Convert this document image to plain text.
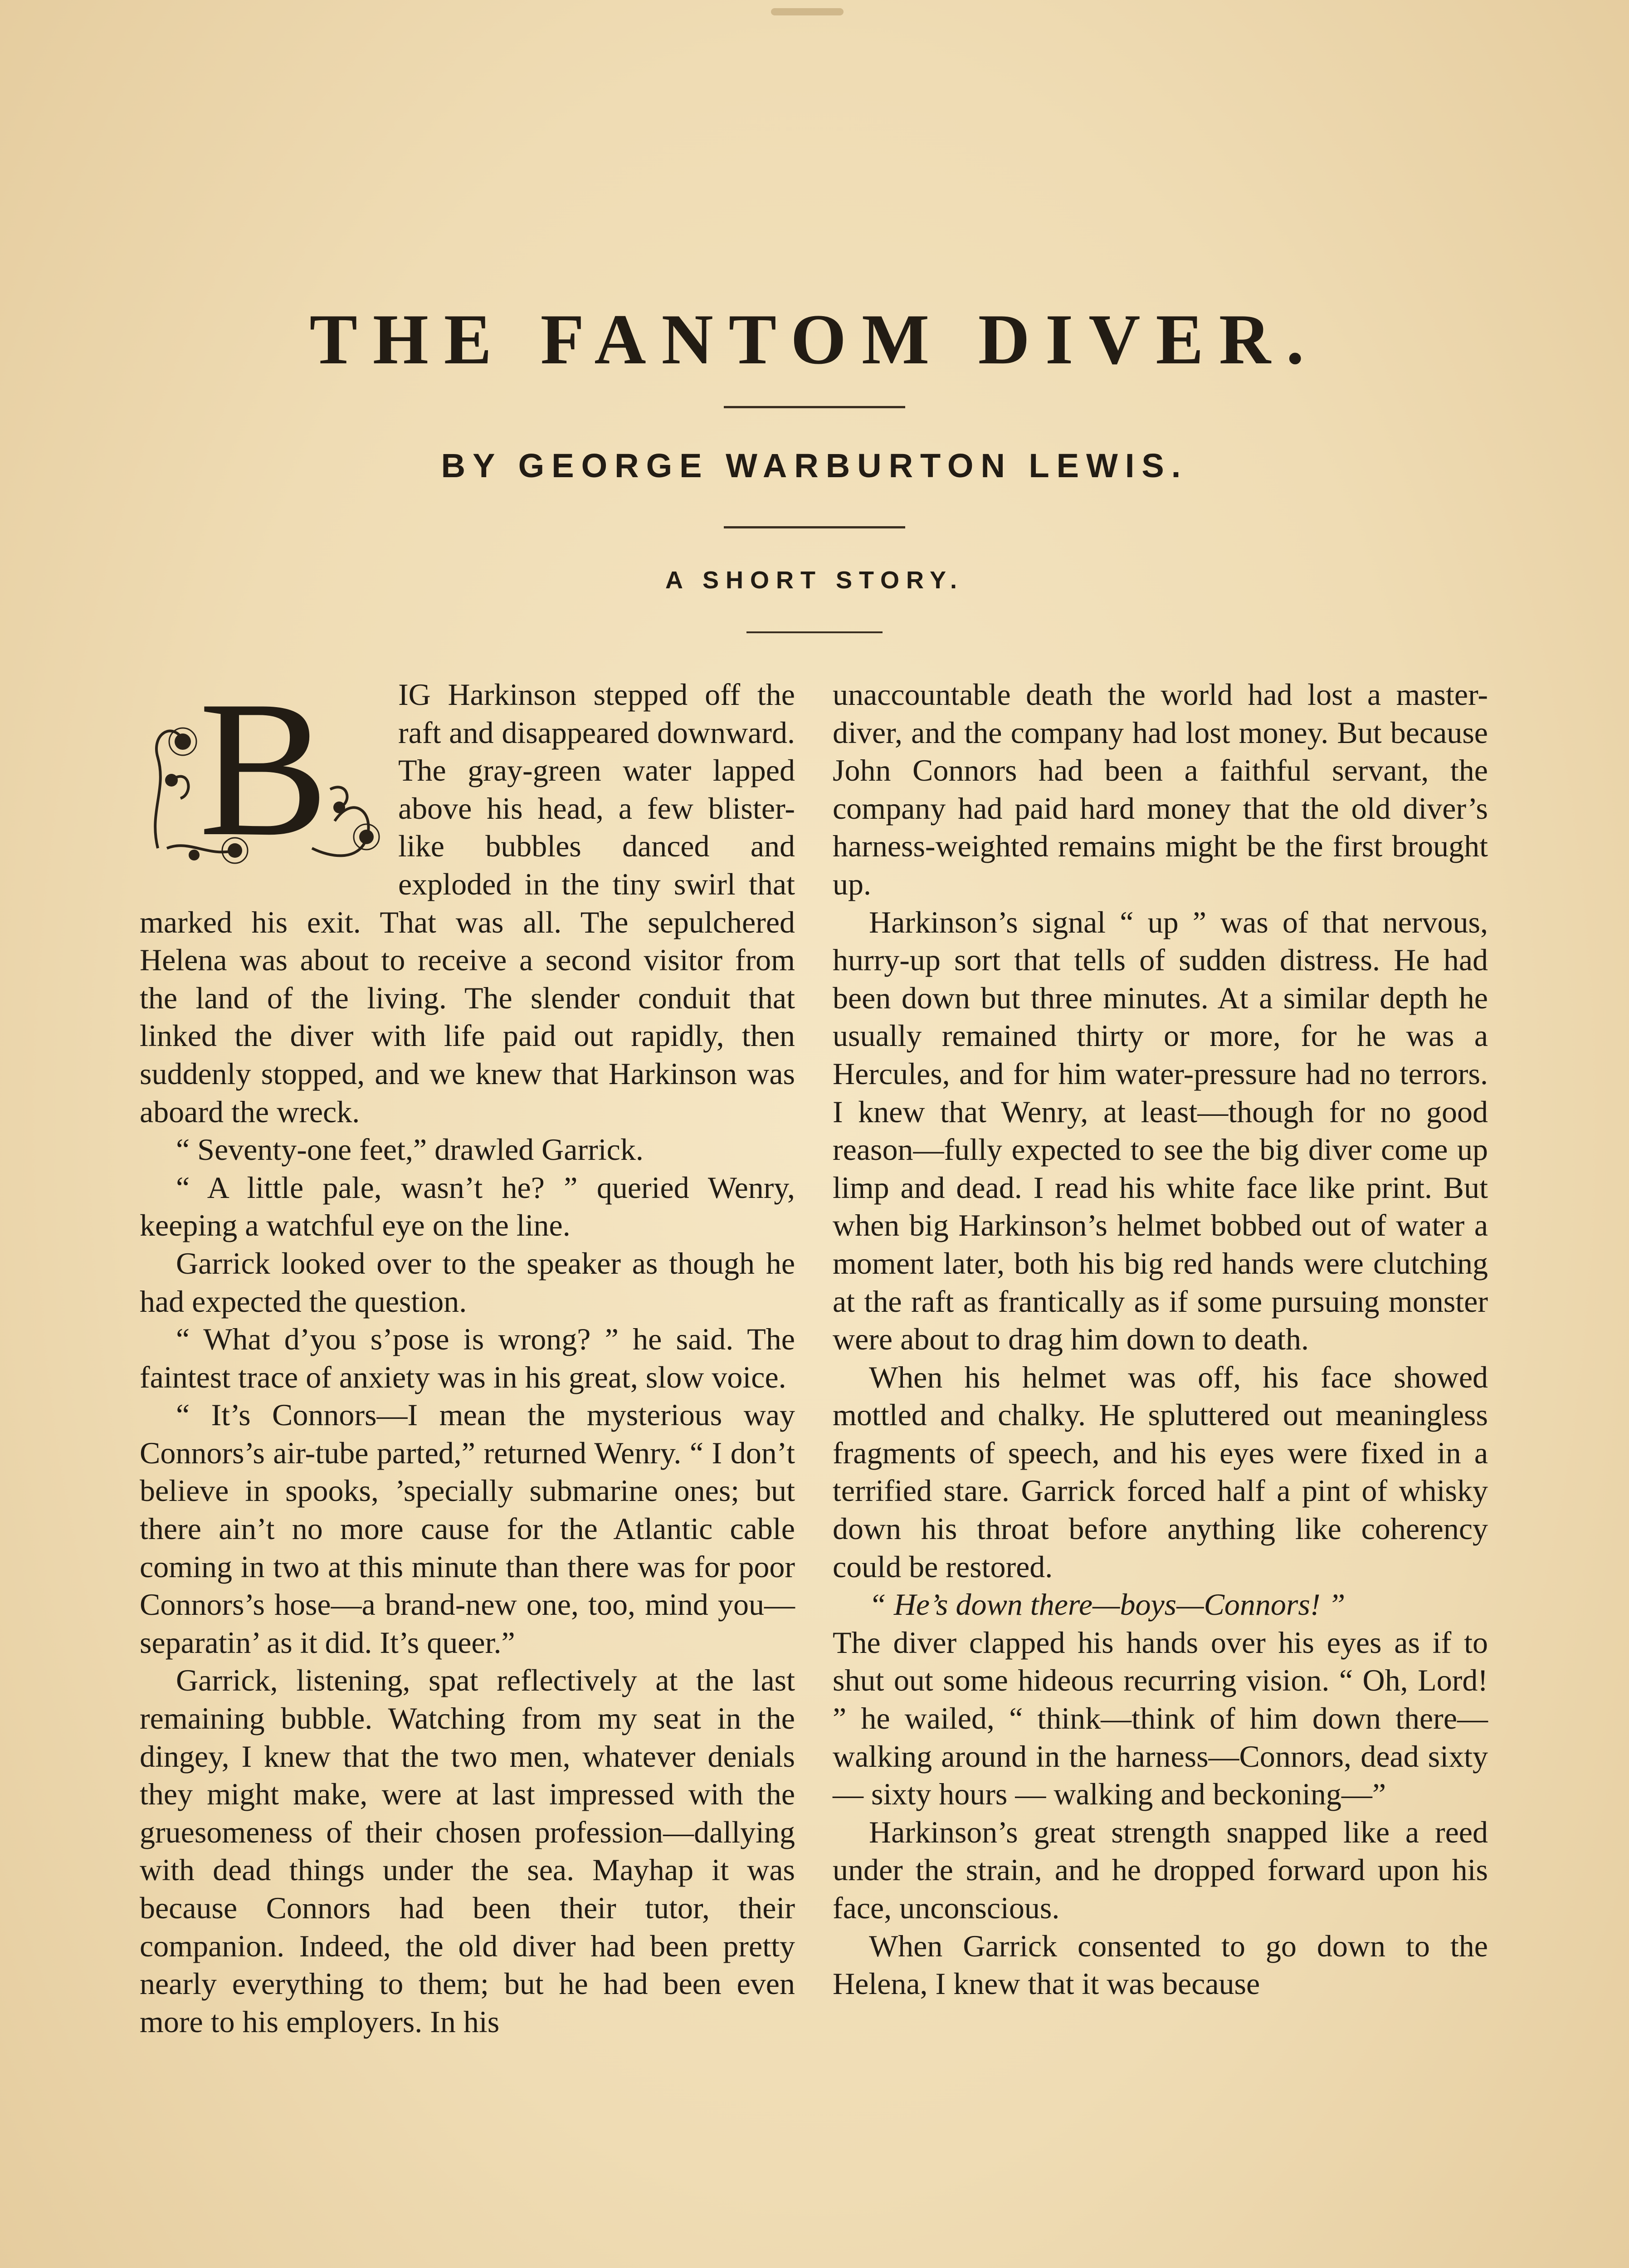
THE FANTOM DIVER.
BY GEORGE WARBURTON LEWIS.
A SHORT STORY.
B	IG Harkinson stepped off the raft and disappeared downward. The gray-green water lapped above his head, a few blister-like bubbles danced and exploded in the tiny swirl that marked his exit. That was all. The sepulchered Helena was about to receive a second visitor from the land of the living. The slender conduit that linked the diver with life paid out rapidly, then suddenly stopped, and we knew that Harkinson was aboard the wreck.

“ Seventy-one feet,” drawled Garrick.

“ A little pale, wasn’t he? ” queried Wenry, keeping a watchful eye on the line.

Garrick looked over to the speaker as though he had expected the question.

“ What d’you s’pose is wrong? ” he said. The faintest trace of anxiety was in his great, slow voice.

“ It’s Connors—I mean the mysterious way Connors’s air-tube parted,” returned Wenry. “ I don’t believe in spooks, ’specially submarine ones; but there ain’t no more cause for the Atlantic cable coming in two at this minute than there was for poor Connors’s hose—a brand-new one, too, mind you—separatin’ as it did. It’s queer.”

Garrick, listening, spat reflectively at the last remaining bubble. Watching from my seat in the dingey, I knew that the two men, whatever denials they might make, were at last impressed with the gruesomeness of their chosen profession—dallying with dead things under the sea. Mayhap it was because Connors had been their tutor, their companion. Indeed, the old diver had been pretty nearly everything to them; but he had been even more to his employers. In his

unaccountable death the world had lost a master-diver, and the company had lost money. But because John Connors had been a faithful servant, the company had paid hard money that the old diver’s harness-weighted remains might be the first brought up.

Harkinson’s signal “ up ” was of that nervous, hurry-up sort that tells of sudden distress. He had been down but three minutes. At a similar depth he usually remained thirty or more, for he was a Hercules, and for him water-pressure had no terrors. I knew that Wenry, at least—though for no good reason—fully expected to see the big diver come up limp and dead. I read his white face like print. But when big Harkinson’s helmet bobbed out of water a moment later, both his big red hands were clutching at the raft as frantically as if some pursuing monster were about to drag him down to death.

When his helmet was off, his face showed mottled and chalky. He spluttered out meaningless fragments of speech, and his eyes were fixed in a terrified stare. Garrick forced half a pint of whisky down his throat before anything like coherency could be restored.

“ He’s down there—boys—Connors! ”

The diver clapped his hands over his eyes as if to shut out some hideous recurring vision. “ Oh, Lord! ” he wailed, “ think—think of him down there—walking around in the harness—Connors, dead sixty — sixty hours — walking and beckoning—”

Harkinson’s great strength snapped like a reed under the strain, and he dropped forward upon his face, unconscious.

When Garrick consented to go down to the Helena, I knew that it was because
